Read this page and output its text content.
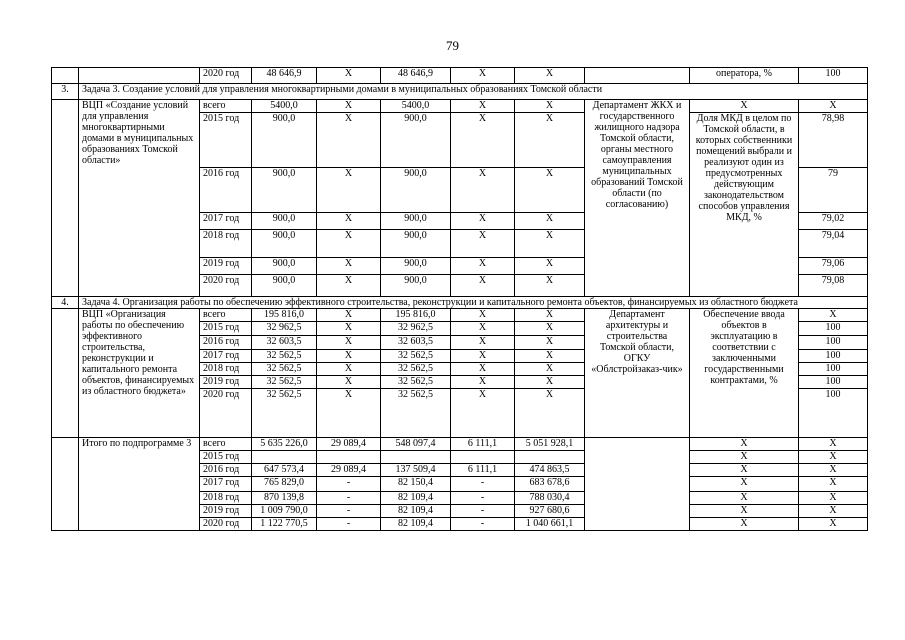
79
		2020 год	48 646,9	Х	48 646,9	Х	Х		оператора, %	100
3.	Задача 3. Создание условий для управления многоквартирными домами в муниципальных образованиях Томской области									
	ВЦП «Создание условий для управления многоквартирными домами в муниципальных образованиях Томской области»	всего	5400,0	Х	5400,0	Х	Х	Департамент ЖКХ и государственного жилищного надзора Томской области, органы местного самоуправления муниципальных образований Томской области (по согласованию)	Х	Х
		2015 год	900,0	Х	900,0	Х	Х		Доля МКД в целом по Томской области, в которых собственники помещений выбрали и реализуют один из предусмотренных действующим законодательством способов управления МКД, %	78,98
		2016 год	900,0	Х	900,0	Х	Х			79
		2017 год	900,0	Х	900,0	Х	Х			79,02
		2018 год	900,0	Х	900,0	Х	Х			79,04
		2019 год	900,0	Х	900,0	Х	Х			79,06
		2020 год	900,0	Х	900,0	Х	Х			79,08
4.	Задача 4. Организация работы по обеспечению эффективного строительства, реконструкции и капитального ремонта объектов, финансируемых из областного бюджета									
	ВЦП «Организация работы по обеспечению эффективного строительства, реконструкции и капитального ремонта объектов, финансируемых из областного бюджета»	всего	195 816,0	Х	195 816,0	Х	Х	Департамент архитектуры и строительства Томской области, ОГКУ «Облстройзаказ-чик»	Обеспечение ввода объектов в эксплуатацию в соответствии с заключенными государственными контрактами, %	Х
		2015 год	32 962,5	Х	32 962,5	Х	Х			100
		2016 год	32 603,5	Х	32 603,5	Х	Х			100
		2017 год	32 562,5	Х	32 562,5	Х	Х			100
		2018 год	32 562,5	Х	32 562,5	Х	Х			100
		2019 год	32 562,5	Х	32 562,5	Х	Х			100
		2020 год	32 562,5	Х	32 562,5	Х	Х			100
	Итого по подпрограмме 3	всего	5 635 226,0	29 089,4	548 097,4	6 111,1	5 051 928,1		Х	Х
		2015 год							Х	Х
		2016 год	647 573,4	29 089,4	137 509,4	6 111,1	474 863,5		Х	Х
		2017 год	765 829,0	-	82 150,4	-	683 678,6		Х	Х
		2018 год	870 139,8	-	82 109,4	-	788 030,4		Х	Х
		2019 год	1 009 790,0	-	82 109,4	-	927 680,6		Х	Х
		2020 год	1 122 770,5	-	82 109,4	-	1 040 661,1		Х	Х
